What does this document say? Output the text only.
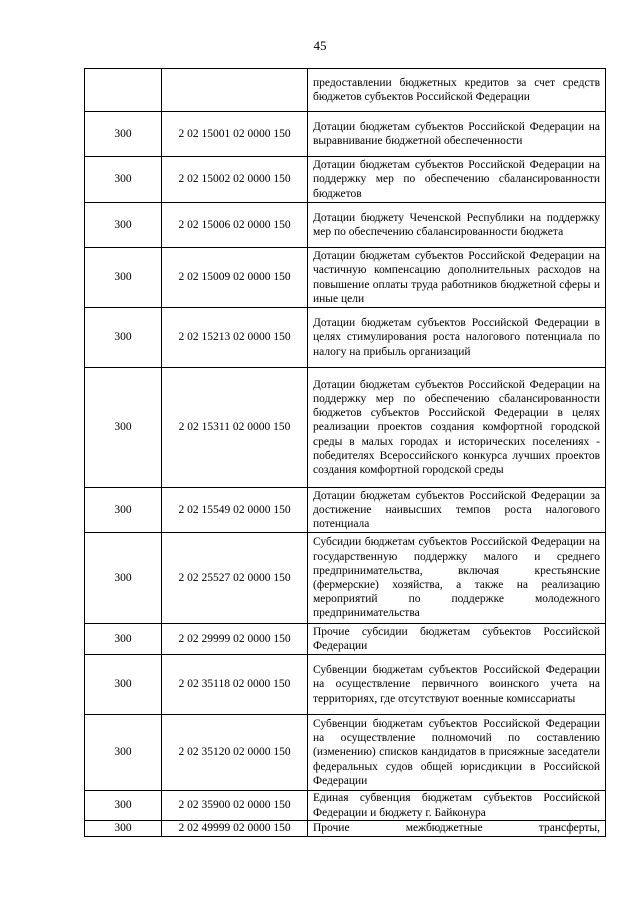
45
		предоставлении бюджетных кредитов за счет средств бюджетов субъектов Российской Федерации
300	2 02 15001 02 0000 150	Дотации бюджетам субъектов Российской Федерации на выравнивание бюджетной обеспеченности
300	2 02 15002 02 0000 150	Дотации бюджетам субъектов Российской Федерации на поддержку мер по обеспечению сбалансированности бюджетов
300	2 02 15006 02 0000 150	Дотации бюджету Чеченской Республики на поддержку мер по обеспечению сбалансированности бюджета
300	2 02 15009 02 0000 150	Дотации бюджетам субъектов Российской Федерации на частичную компенсацию дополнительных расходов на повышение оплаты труда работников бюджетной сферы и иные цели
300	2 02 15213 02 0000 150	Дотации бюджетам субъектов Российской Федерации в целях стимулирования роста налогового потенциала по налогу на прибыль организаций
300	2 02 15311 02 0000 150	Дотации бюджетам субъектов Российской Федерации на поддержку мер по обеспечению сбалансированности бюджетов субъектов Российской Федерации в целях реализации проектов создания комфортной городской среды в малых городах и исторических поселениях - победителях Всероссийского конкурса лучших проектов создания комфортной городской среды
300	2 02 15549 02 0000 150	Дотации бюджетам субъектов Российской Федерации за достижение наивысших темпов роста налогового потенциала
300	2 02 25527 02 0000 150	Субсидии бюджетам субъектов Российской Федерации на государственную поддержку малого и среднего предпринимательства, включая крестьянские (фермерские) хозяйства, а также на реализацию мероприятий по поддержке молодежного предпринимательства
300	2 02 29999 02 0000 150	Прочие субсидии бюджетам субъектов Российской Федерации
300	2 02 35118 02 0000 150	Субвенции бюджетам субъектов Российской Федерации на осуществление первичного воинского учета на территориях, где отсутствуют военные комиссариаты
300	2 02 35120 02 0000 150	Субвенции бюджетам субъектов Российской Федерации на осуществление полномочий по составлению (изменению) списков кандидатов в присяжные заседатели федеральных судов общей юрисдикции в Российской Федерации
300	2 02 35900 02 0000 150	Единая субвенция бюджетам субъектов Российской Федерации и бюджету г. Байконура
300	2 02 49999 02 0000 150	Прочие межбюджетные трансферты,
